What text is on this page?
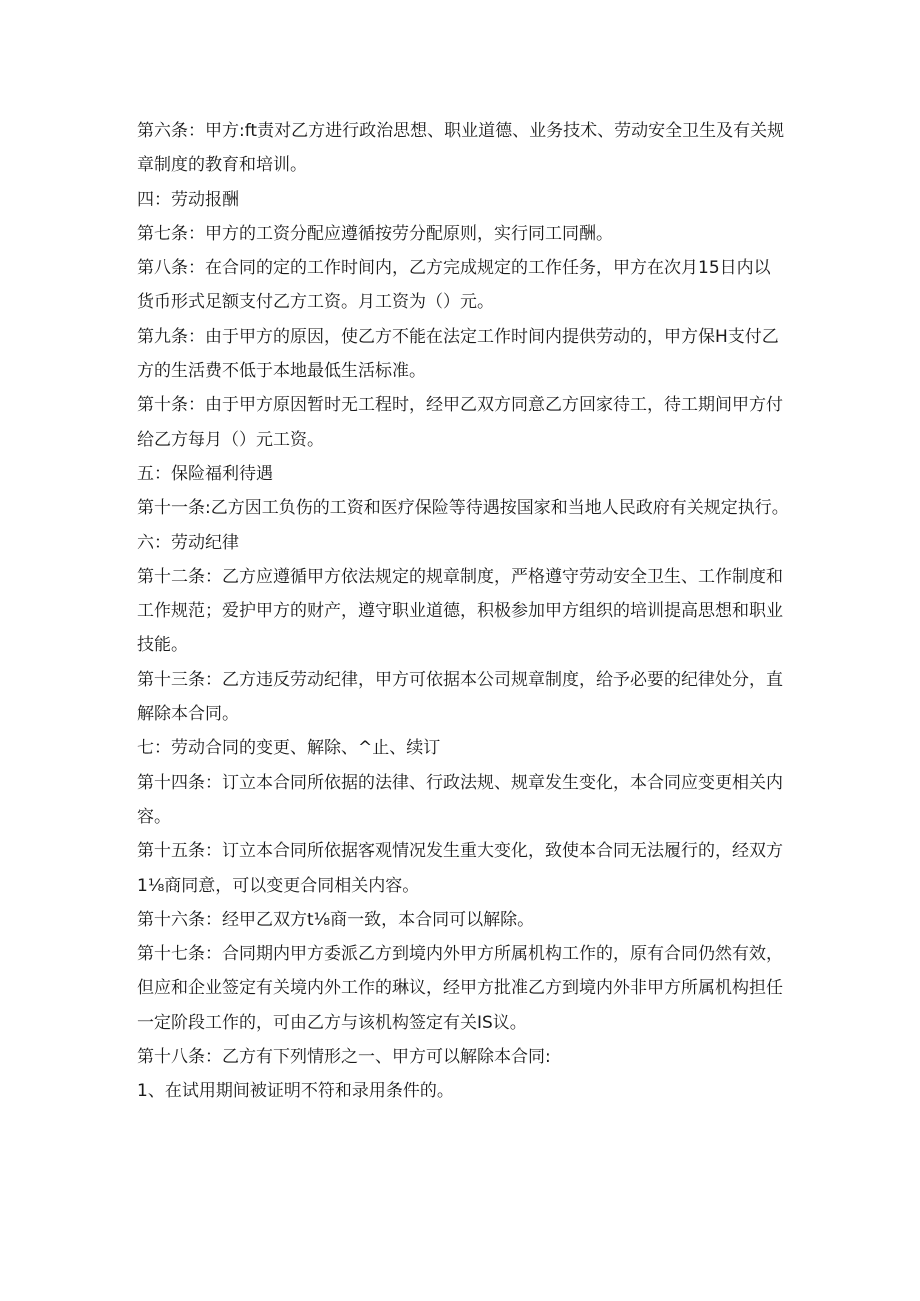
第六条：甲方:ft责对乙方进行政治思想、职业道德、业务技术、劳动安全卫生及有关规

章制度的教育和培训。

四：劳动报酬

第七条：甲方的工资分配应遵循按劳分配原则，实行同工同酬。

第八条：在合同的定的工作时间内，乙方完成规定的工作任务，甲方在次月15日内以

货币形式足额支付乙方工资。月工资为（）元。

第九条：由于甲方的原因，使乙方不能在法定工作时间内提供劳动的，甲方保H支付乙

方的生活费不低于本地最低生活标准。

第十条：由于甲方原因暂时无工程时，经甲乙双方同意乙方回家待工，待工期间甲方付

给乙方每月（）元工资。

五：保险福利待遇

第十一条:乙方因工负伤的工资和医疗保险等待遇按国家和当地人民政府有关规定执行。

六：劳动纪律

第十二条：乙方应遵循甲方依法规定的规章制度，严格遵守劳动安全卫生、工作制度和

工作规范；爱护甲方的财产，遵守职业道德，积极参加甲方组织的培训提高思想和职业

技能。

第十三条：乙方违反劳动纪律，甲方可依据本公司规章制度，给予必要的纪律处分，直

解除本合同。

七：劳动合同的变更、解除、^止、续订

第十四条：订立本合同所依据的法律、行政法规、规章发生变化，本合同应变更相关内

容。

第十五条：订立本合同所依据客观情况发生重大变化，致使本合同无法履行的，经双方

1⅛商同意，可以变更合同相关内容。

第十六条：经甲乙双方t⅛商一致，本合同可以解除。

第十七条：合同期内甲方委派乙方到境内外甲方所属机构工作的，原有合同仍然有效，

但应和企业签定有关境内外工作的琳议，经甲方批准乙方到境内外非甲方所属机构担任

一定阶段工作的，可由乙方与该机构签定有关IS议。

第十八条：乙方有下列情形之一、甲方可以解除本合同:

1、在试用期间被证明不符和录用条件的。
